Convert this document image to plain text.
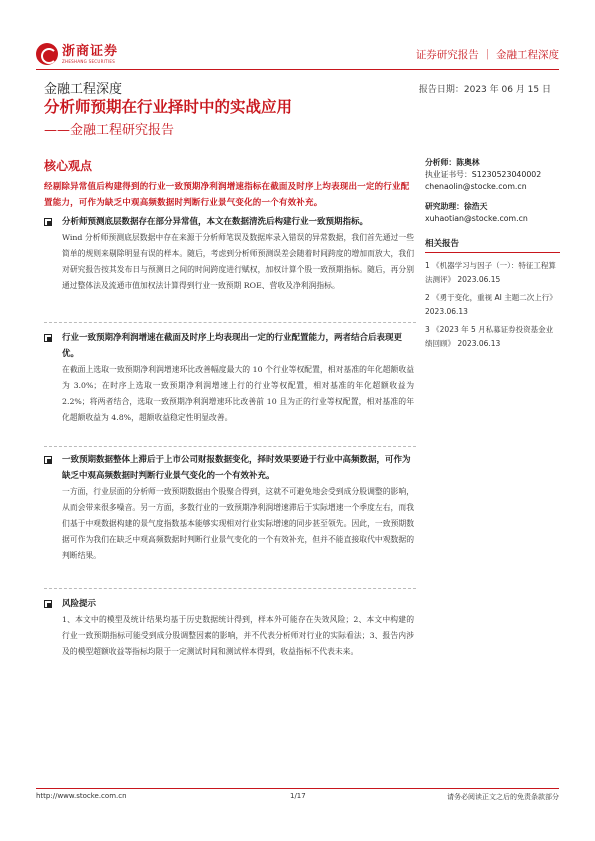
浙商证券
ZHESHANG SECURITIES	证券研究报告 ｜ 金融工程深度
金融工程深度	报告日期：2023 年 06 月 15 日
分析师预期在行业择时中的实战应用
——金融工程研究报告
核心观点
经剔除异常值后构建得到的行业一致预期净利润增速指标在截面及时序上均表现出一定的行业配置能力，可作为缺乏中观高频数据时判断行业景气变化的一个有效补充。
分析师预测底层数据存在部分异常值，本文在数据清洗后构建行业一致预期指标。
Wind 分析师预测底层数据中存在来源于分析师笔误及数据库录入错误的异常数据，我们首先通过一些简单的规则来剔除明显有误的样本。随后，考虑到分析师预测误差会随着时间跨度的增加而放大，我们对研究报告按其发布日与预测日之间的时间跨度进行赋权，加权计算个股一致预期指标。随后，再分别通过整体法及流通市值加权法计算得到行业一致预期 ROE、营收及净利润指标。
行业一致预期净利润增速在截面及时序上均表现出一定的行业配置能力，两者结合后表现更优。
在截面上选取一致预期净利润增速环比改善幅度最大的 10 个行业等权配置，相对基准的年化超额收益为 3.0%；在时序上选取一致预期净利润增速上行的行业等权配置，相对基准的年化超额收益为 2.2%；将两者结合，选取一致预期净利润增速环比改善前 10 且为正的行业等权配置，相对基准的年化超额收益为 4.8%，超额收益稳定性明显改善。
一致预期数据整体上滞后于上市公司财报数据变化，择时效果要逊于行业中高频数据，可作为缺乏中观高频数据时判断行业景气变化的一个有效补充。
一方面，行业层面的分析师一致预期数据由个股聚合得到，这就不可避免地会受到成分股调整的影响，从而会带来很多噪音。另一方面，多数行业的一致预期净利润增速滞后于实际增速一个季度左右，而我们基于中观数据构建的景气度指数基本能够实现相对行业实际增速的同步甚至领先。因此，一致预期数据可作为我们在缺乏中观高频数据时判断行业景气变化的一个有效补充，但并不能直接取代中观数据的判断结果。
风险提示
1、本文中的模型及统计结果均基于历史数据统计得到，样本外可能存在失效风险；2、本文中构建的行业一致预期指标可能受到成分股调整因素的影响，并不代表分析师对行业的实际看法；3、报告内涉及的模型超额收益等指标均限于一定测试时间和测试样本得到，收益指标不代表未来。
分析师：陈奥林
执业证书号：S1230523040002
chenaolin@stocke.com.cn
研究助理：徐浩天
xuhaotian@stocke.com.cn
相关报告
1 《机器学习与因子（一）：特征工程算法测评》 2023.06.15
2 《勇于变化，重视 AI 主题二次上行》 2023.06.13
3 《2023 年 5 月私募证券投资基金业绩回顾》 2023.06.13
http://www.stocke.com.cn	1/17	请务必阅读正文之后的免责条款部分
